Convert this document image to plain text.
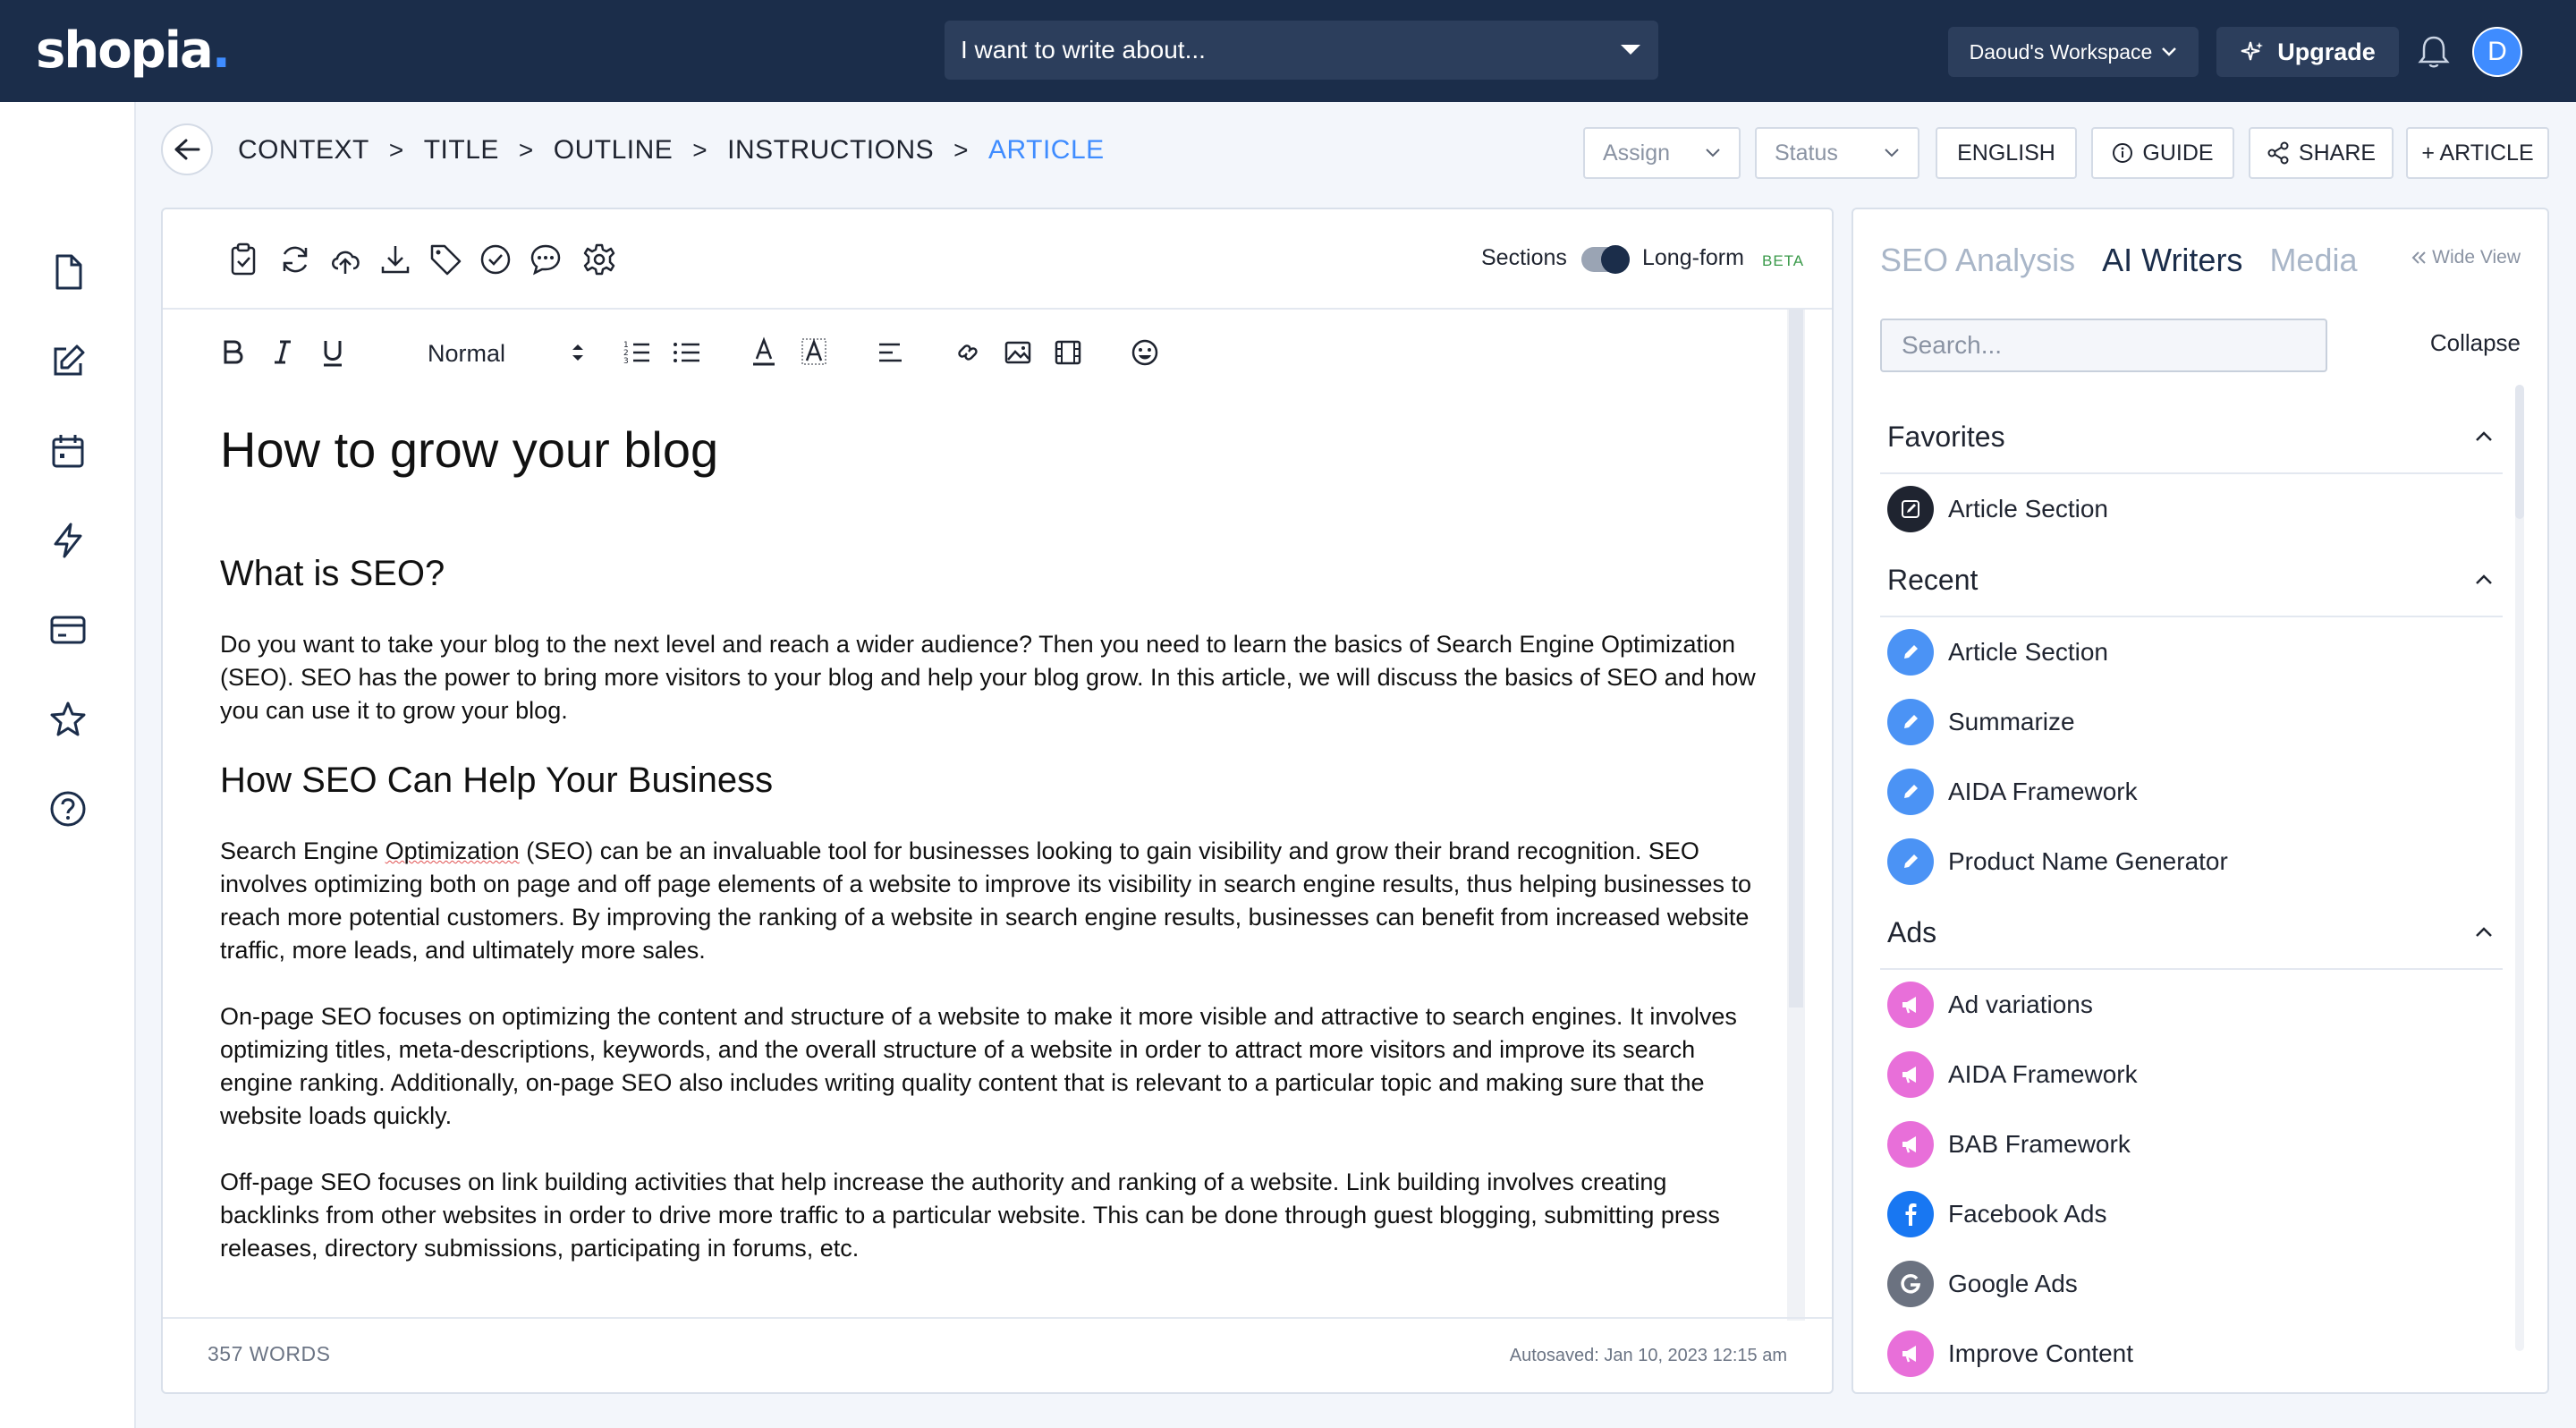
shopia.	I want to write about...	Daoud's Workspace	Upgrade	D
CONTEXT > TITLE > OUTLINE > INSTRUCTIONS > ARTICLE	Assign	Status	ENGLISH	GUIDE	SHARE + ARTICLE
Sections	Long-form BETA
Normal	1
2
3
How to grow your blog
What is SEO?

Do you want to take your blog to the next level and reach a wider audience? Then you need to learn the basics of Search Engine Optimization (SEO). SEO has the power to bring more visitors to your blog and help your blog grow. In this article, we will discuss the basics of SEO and how you can use it to grow your blog.

How SEO Can Help Your Business

Search Engine Optimization (SEO) can be an invaluable tool for businesses looking to gain visibility and grow their brand recognition. SEO involves optimizing both on page and off page elements of a website to improve its visibility in search engine results, thus helping businesses to reach more potential customers. By improving the ranking of a website in search engine results, businesses can benefit from increased website traffic, more leads, and ultimately more sales.

On-page SEO focuses on optimizing the content and structure of a website to make it more visible and attractive to search engines. It involves optimizing titles, meta-descriptions, keywords, and the overall structure of a website in order to attract more visitors and improve its search engine ranking. Additionally, on-page SEO also includes writing quality content that is relevant to a particular topic and making sure that the website loads quickly.

Off-page SEO focuses on link building activities that help increase the authority and ranking of a website. Link building involves creating backlinks from other websites in order to drive more traffic to a particular website. This can be done through guest blogging, submitting press releases, directory submissions, participating in forums, etc.

357 WORDS	Autosaved: Jan 10, 2023 12:15 am
SEO Analysis AI Writers Media	Wide View
Search...	Collapse
Favorites
Article Section
Recent
Article Section
Summarize
AIDA Framework
Product Name Generator
Ads
Ad variations
AIDA Framework
BAB Framework
Facebook Ads
Google Ads
Improve Content
